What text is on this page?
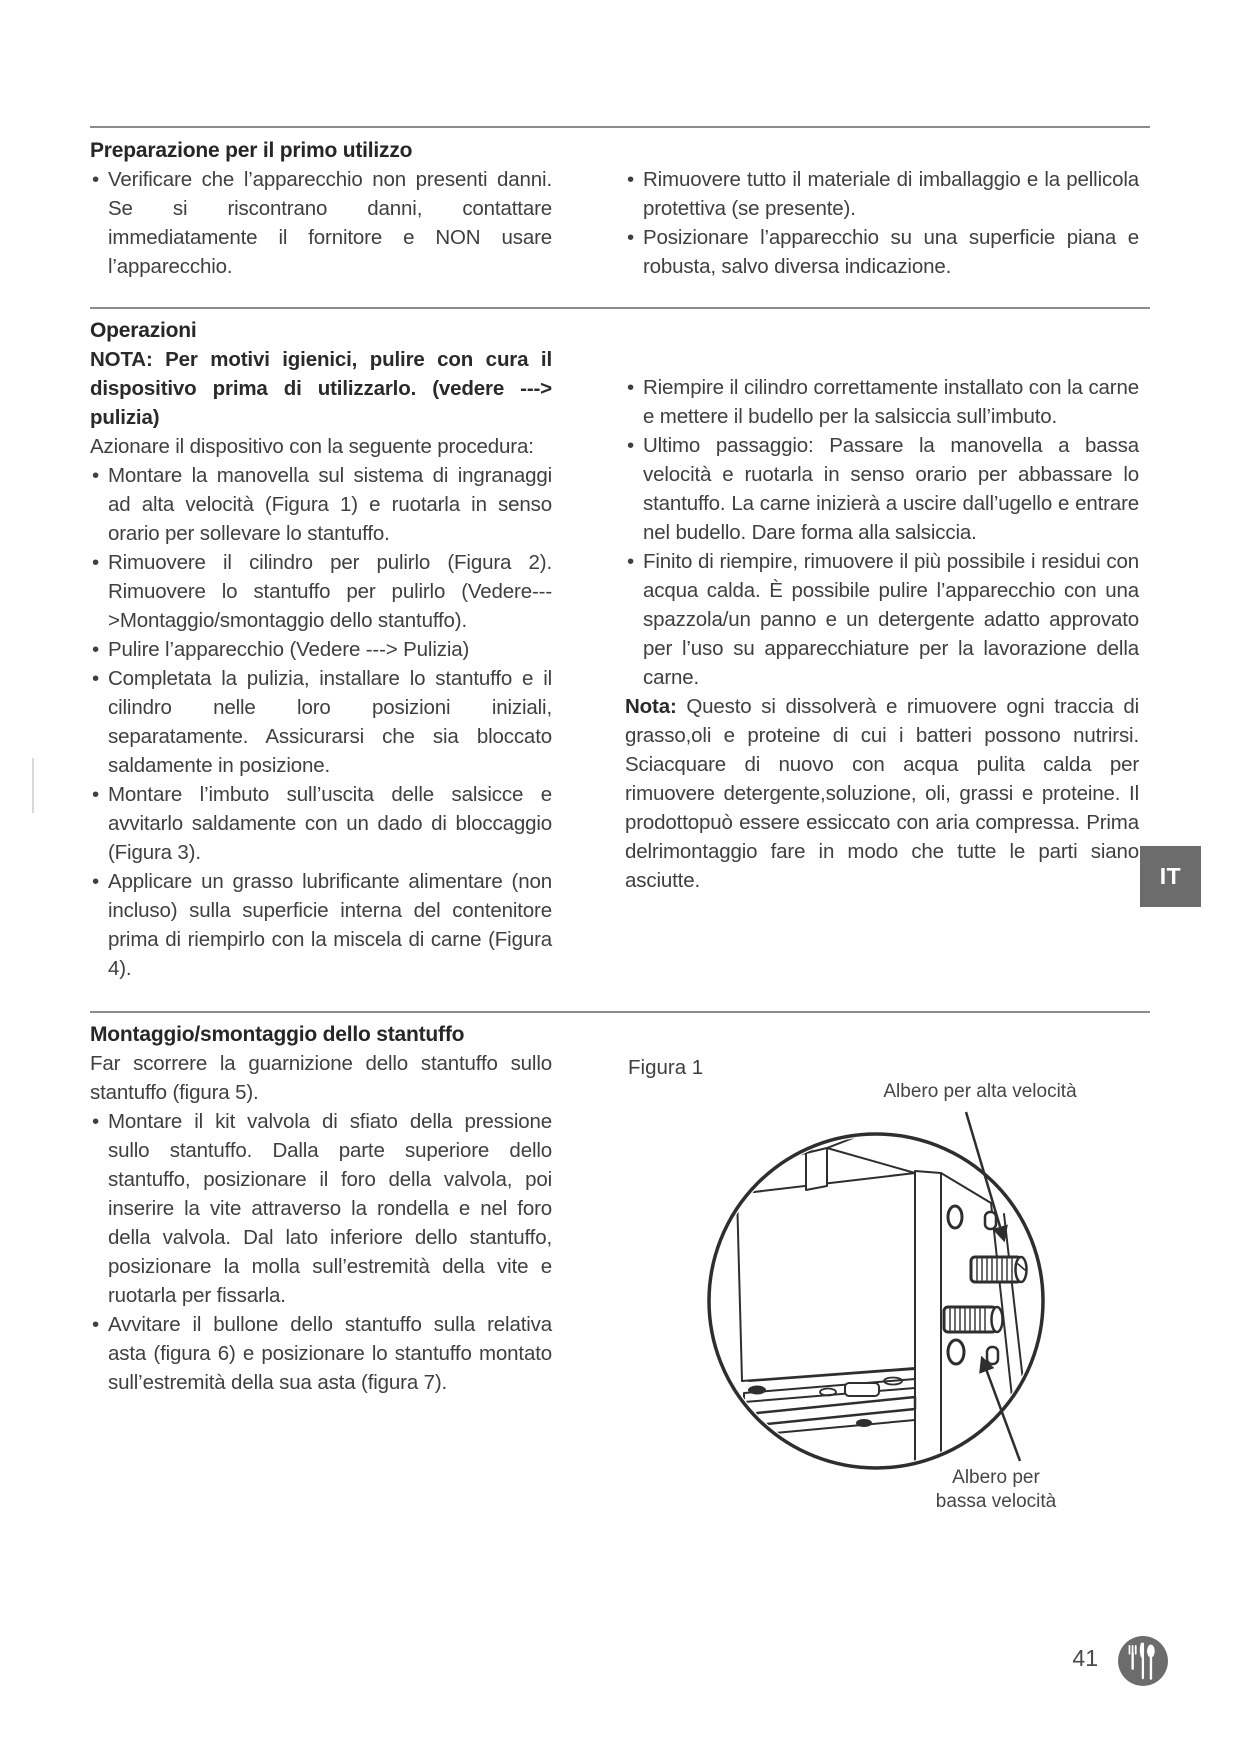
Preparazione per il primo utilizzo
• Verificare che l’apparecchio non presenti danni. Se si riscontrano danni, contattare immediatamente il fornitore e NON usare l’apparecchio.
• Rimuovere tutto il materiale di imballaggio e la pellicola protettiva (se presente).
• Posizionare l’apparecchio su una superficie piana e robusta, salvo diversa indicazione.
Operazioni

NOTA: Per motivi igienici, pulire con cura il dispositivo prima di utilizzarlo. (vedere ---> pulizia)

Azionare il dispositivo con la seguente procedura:

• Montare la manovella sul sistema di ingranaggi ad alta velocità (Figura 1) e ruotarla in senso orario per sollevare lo stantuffo.
• Rimuovere il cilindro per pulirlo (Figura 2). Rimuovere lo stantuffo per pulirlo (Vedere--->Montaggio/smontaggio dello stantuffo).
• Pulire l’apparecchio (Vedere ---> Pulizia)
• Completata la pulizia, installare lo stantuffo e il cilindro nelle loro posizioni iniziali, separatamente. Assicurarsi che sia bloccato saldamente in posizione.
• Montare l’imbuto sull’uscita delle salsicce e avvitarlo saldamente con un dado di bloccaggio (Figura 3).
• Applicare un grasso lubrificante alimentare (non incluso) sulla superficie interna del contenitore prima di riempirlo con la miscela di carne (Figura 4).
• Riempire il cilindro correttamente installato con la carne e mettere il budello per la salsiccia sull’imbuto.
• Ultimo passaggio: Passare la manovella a bassa velocità e ruotarla in senso orario per abbassare lo stantuffo. La carne inizierà a uscire dall’ugello e entrare nel budello. Dare forma alla salsiccia.
• Finito di riempire, rimuovere il più possibile i residui con acqua calda. È possibile pulire l’apparecchio con una spazzola/un panno e un detergente adatto approvato per l’uso su apparecchiature per la lavorazione della carne.

Nota: Questo si dissolverà e rimuovere ogni traccia di grasso,oli e proteine di cui i batteri possono nutrirsi. Sciacquare di nuovo con acqua pulita calda per rimuovere detergente,soluzione, oli, grassi e proteine. Il prodottopuò essere essiccato con aria compressa. Prima delrimontaggio fare in modo che tutte le parti siano asciutte.

Montaggio/smontaggio dello stantuffo

Far scorrere la guarnizione dello stantuffo sullo stantuffo (figura 5).

• Montare il kit valvola di sfiato della pressione sullo stantuffo. Dalla parte superiore dello stantuffo, posizionare il foro della valvola, poi inserire la vite attraverso la rondella e nel foro della valvola. Dal lato inferiore dello stantuffo, posizionare la molla sull’estremità della vite e ruotarla per fissarla.
• Avvitare il bullone dello stantuffo sulla relativa asta (figura 6) e posizionare lo stantuffo montato sull’estremità della sua asta (figura 7).
Figura 1
Albero per alta velocità
Albero per
bassa velocità
IT
41
